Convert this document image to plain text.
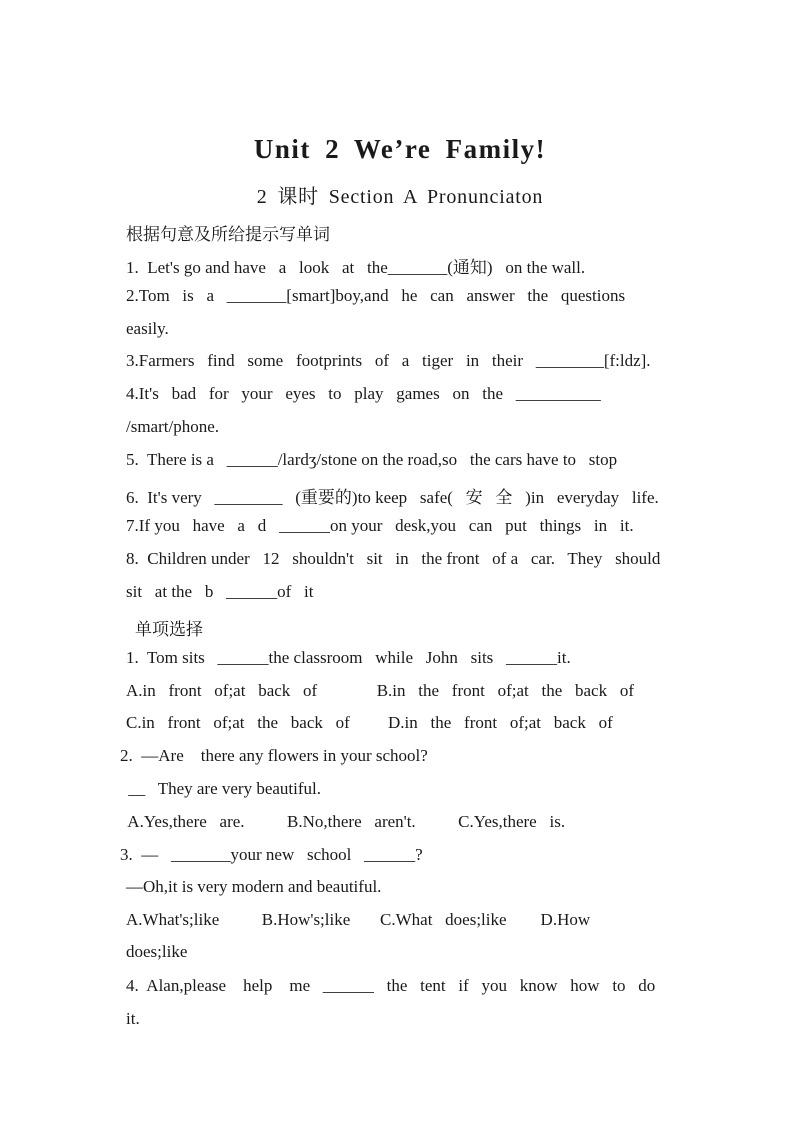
Unit 2 We’re Family!
2 课时 Section A Pronunciaton
根据句意及所给提示写单词
1.  Let's go and have   a   look   at   the_______(通知)   on the wall.
2.Tom   is   a   _______[smart]boy,and   he   can   answer   the   questions
easily.
3.Farmers   find   some   footprints   of   a   tiger   in   their   ________[f:ldz].
4.It's   bad   for   your   eyes   to   play   games   on   the   __________
/smart/phone.
5.  There is a   ______/lardʒ/stone on the road,so   the cars have to   stop
6.  It's very   ________   (重要的)to keep   safe(   安   全   )in   everyday   life.
7.If you   have   a   d   ______on your   desk,you   can   put   things   in   it.
8.  Children under   12   shouldn't   sit   in   the front   of a   car.   They   should
sit   at the   b   ______of   it
单项选择
1.  Tom sits   ______the classroom   while   John   sits   ______it.
A.in   front   of;at   back   of              B.in   the   front   of;at   the   back   of
C.in   front   of;at   the   back   of         D.in   the   front   of;at   back   of
2.  —Are    there any flowers in your school?
__   They are very beautiful.
A.Yes,there   are.          B.No,there   aren't.          C.Yes,there   is.
3.  —   _______your new   school   ______?
—Oh,it is very modern and beautiful.
A.What's;like          B.How's;like       C.What   does;like        D.How
does;like
4.  Alan,please    help    me   ______   the   tent   if   you   know   how   to   do
it.
